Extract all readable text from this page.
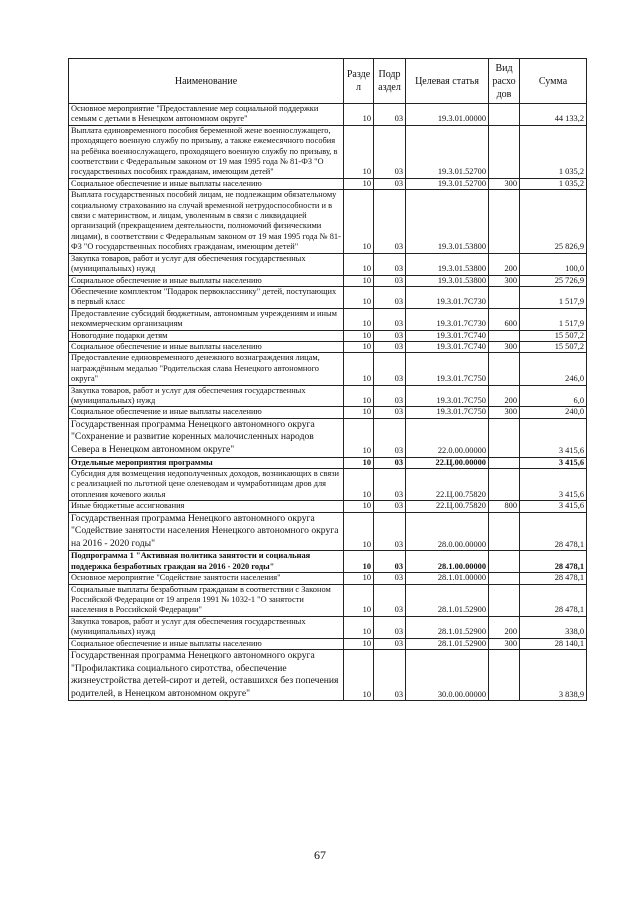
Наименование	Разде л	Подр аздел	Целевая статья	Вид расхо дов	Сумма
Основное мероприятие "Предоставление мер социальной поддержки семьям с детьми в Ненецком автономном округе"	10	03	19.3.01.00000		44 133,2
Выплата единовременного пособия беременной жене военнослужащего, проходящего военную службу по призыву, а также ежемесячного пособия на ребёнка военнослужащего, проходящего военную службу по призыву, в соответствии с Федеральным законом от 19 мая 1995 года № 81-ФЗ "О государственных пособиях гражданам, имеющим детей"	10	03	19.3.01.52700		1 035,2
Социальное обеспечение и иные выплаты населению	10	03	19.3.01.52700	300	1 035,2
Выплата государственных пособий лицам, не подлежащим обязательному социальному страхованию на случай временной нетрудоспособности и в связи с материнством, и лицам, уволенным в связи с ликвидацией организаций (прекращением деятельности, полномочий физическими лицами), в соответствии с Федеральным законом от 19 мая 1995 года № 81-ФЗ "О государственных пособиях гражданам, имеющим детей"	10	03	19.3.01.53800		25 826,9
Закупка товаров, работ и услуг для обеспечения государственных (муниципальных) нужд	10	03	19.3.01.53800	200	100,0
Социальное обеспечение и иные выплаты населению	10	03	19.3.01.53800	300	25 726,9
Обеспечение комплектом "Подарок первокласснику" детей, поступающих в первый класс	10	03	19.3.01.7С730		1 517,9
Предоставление субсидий бюджетным, автономным учреждениям и иным некоммерческим организациям	10	03	19.3.01.7С730	600	1 517,9
Новогодние подарки детям	10	03	19.3.01.7С740		15 507,2
Социальное обеспечение и иные выплаты населению	10	03	19.3.01.7С740	300	15 507,2
Предоставление единовременного денежного вознаграждения лицам, награждённым медалью "Родительская слава Ненецкого автономного округа"	10	03	19.3.01.7С750		246,0
Закупка товаров, работ и услуг для обеспечения государственных (муниципальных) нужд	10	03	19.3.01.7С750	200	6,0
Социальное обеспечение и иные выплаты населению	10	03	19.3.01.7С750	300	240,0
Государственная программа Ненецкого автономного округа "Сохранение и развитие коренных малочисленных народов Севера в Ненецком автономном округе"	10	03	22.0.00.00000		3 415,6
Отдельные мероприятия программы	10	03	22.Ц.00.00000		3 415,6
Субсидия для возмещения недополученных доходов, возникающих в связи с реализацией по льготной цене оленеводам и чумработницам дров для отопления кочевого жилья	10	03	22.Ц.00.75820		3 415,6
Иные бюджетные ассигнования	10	03	22.Ц.00.75820	800	3 415,6
Государственная программа Ненецкого автономного округа "Содействие занятости населения Ненецкого автономного округа на 2016 - 2020 годы"	10	03	28.0.00.00000		28 478,1
Подпрограмма 1 "Активная политика занятости и социальная поддержка безработных граждан на 2016 - 2020 годы"	10	03	28.1.00.00000		28 478,1
Основное мероприятие "Содействие занятости населения"	10	03	28.1.01.00000		28 478,1
Социальные выплаты безработным гражданам в соответствии с Законом Российской Федерации от 19 апреля 1991 № 1032-1 "О занятости населения в Российской Федерации"	10	03	28.1.01.52900		28 478,1
Закупка товаров, работ и услуг для обеспечения государственных (муниципальных) нужд	10	03	28.1.01.52900	200	338,0
Социальное обеспечение и иные выплаты населению	10	03	28.1.01.52900	300	28 140,1
Государственная программа Ненецкого автономного округа "Профилактика социального сиротства, обеспечение жизнеустройства детей-сирот и детей, оставшихся без попечения родителей, в Ненецком автономном округе"	10	03	30.0.00.00000		3 838,9
67
